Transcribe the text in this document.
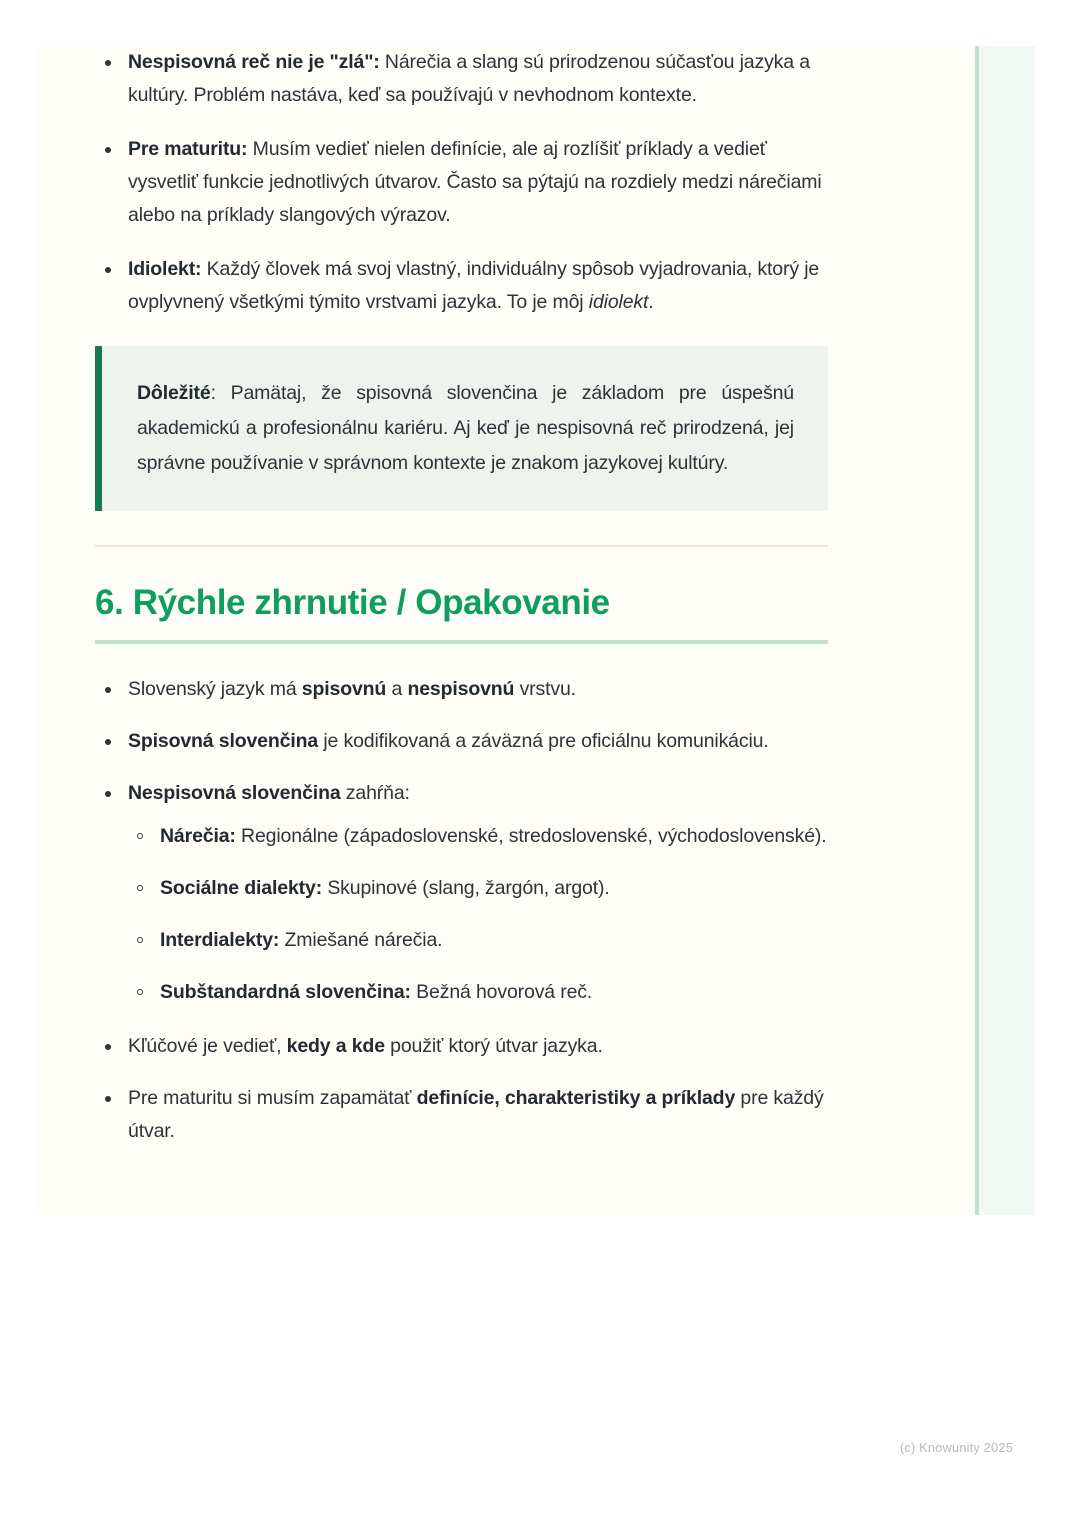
Nespisovná reč nie je "zlá": Nárečia a slang sú prirodzenou súčasťou jazyka a kultúry. Problém nastáva, keď sa používajú v nevhodnom kontexte.
Pre maturitu: Musím vedieť nielen definície, ale aj rozlíšiť príklady a vedieť vysvetliť funkcie jednotlivých útvarov. Často sa pýtajú na rozdiely medzi nárečiami alebo na príklady slangových výrazov.
Idiolekt: Každý človek má svoj vlastný, individuálny spôsob vyjadrovania, ktorý je ovplyvnený všetkými týmito vrstvami jazyka. To je môj idiolekt.

Dôležité: Pamätaj, že spisovná slovenčina je základom pre úspešnú akademickú a profesionálnu kariéru. Aj keď je nespisovná reč prirodzená, jej správne používanie v správnom kontexte je znakom jazykovej kultúry.

6. Rýchle zhrnutie / Opakovanie
Slovenský jazyk má spisovnú a nespisovnú vrstvu.
Spisovná slovenčina je kodifikovaná a záväzná pre oficiálnu komunikáciu.
Nespisovná slovenčina zahŕňa:
Nárečia: Regionálne (západoslovenské, stredoslovenské, východoslovenské).
Sociálne dialekty: Skupinové (slang, žargón, argot).
Interdialekty: Zmiešané nárečia.
Subštandardná slovenčina: Bežná hovorová reč.
Kľúčové je vedieť, kedy a kde použiť ktorý útvar jazyka.
Pre maturitu si musím zapamätať definície, charakteristiky a príklady pre každý útvar.
(c) Knowunity 2025
